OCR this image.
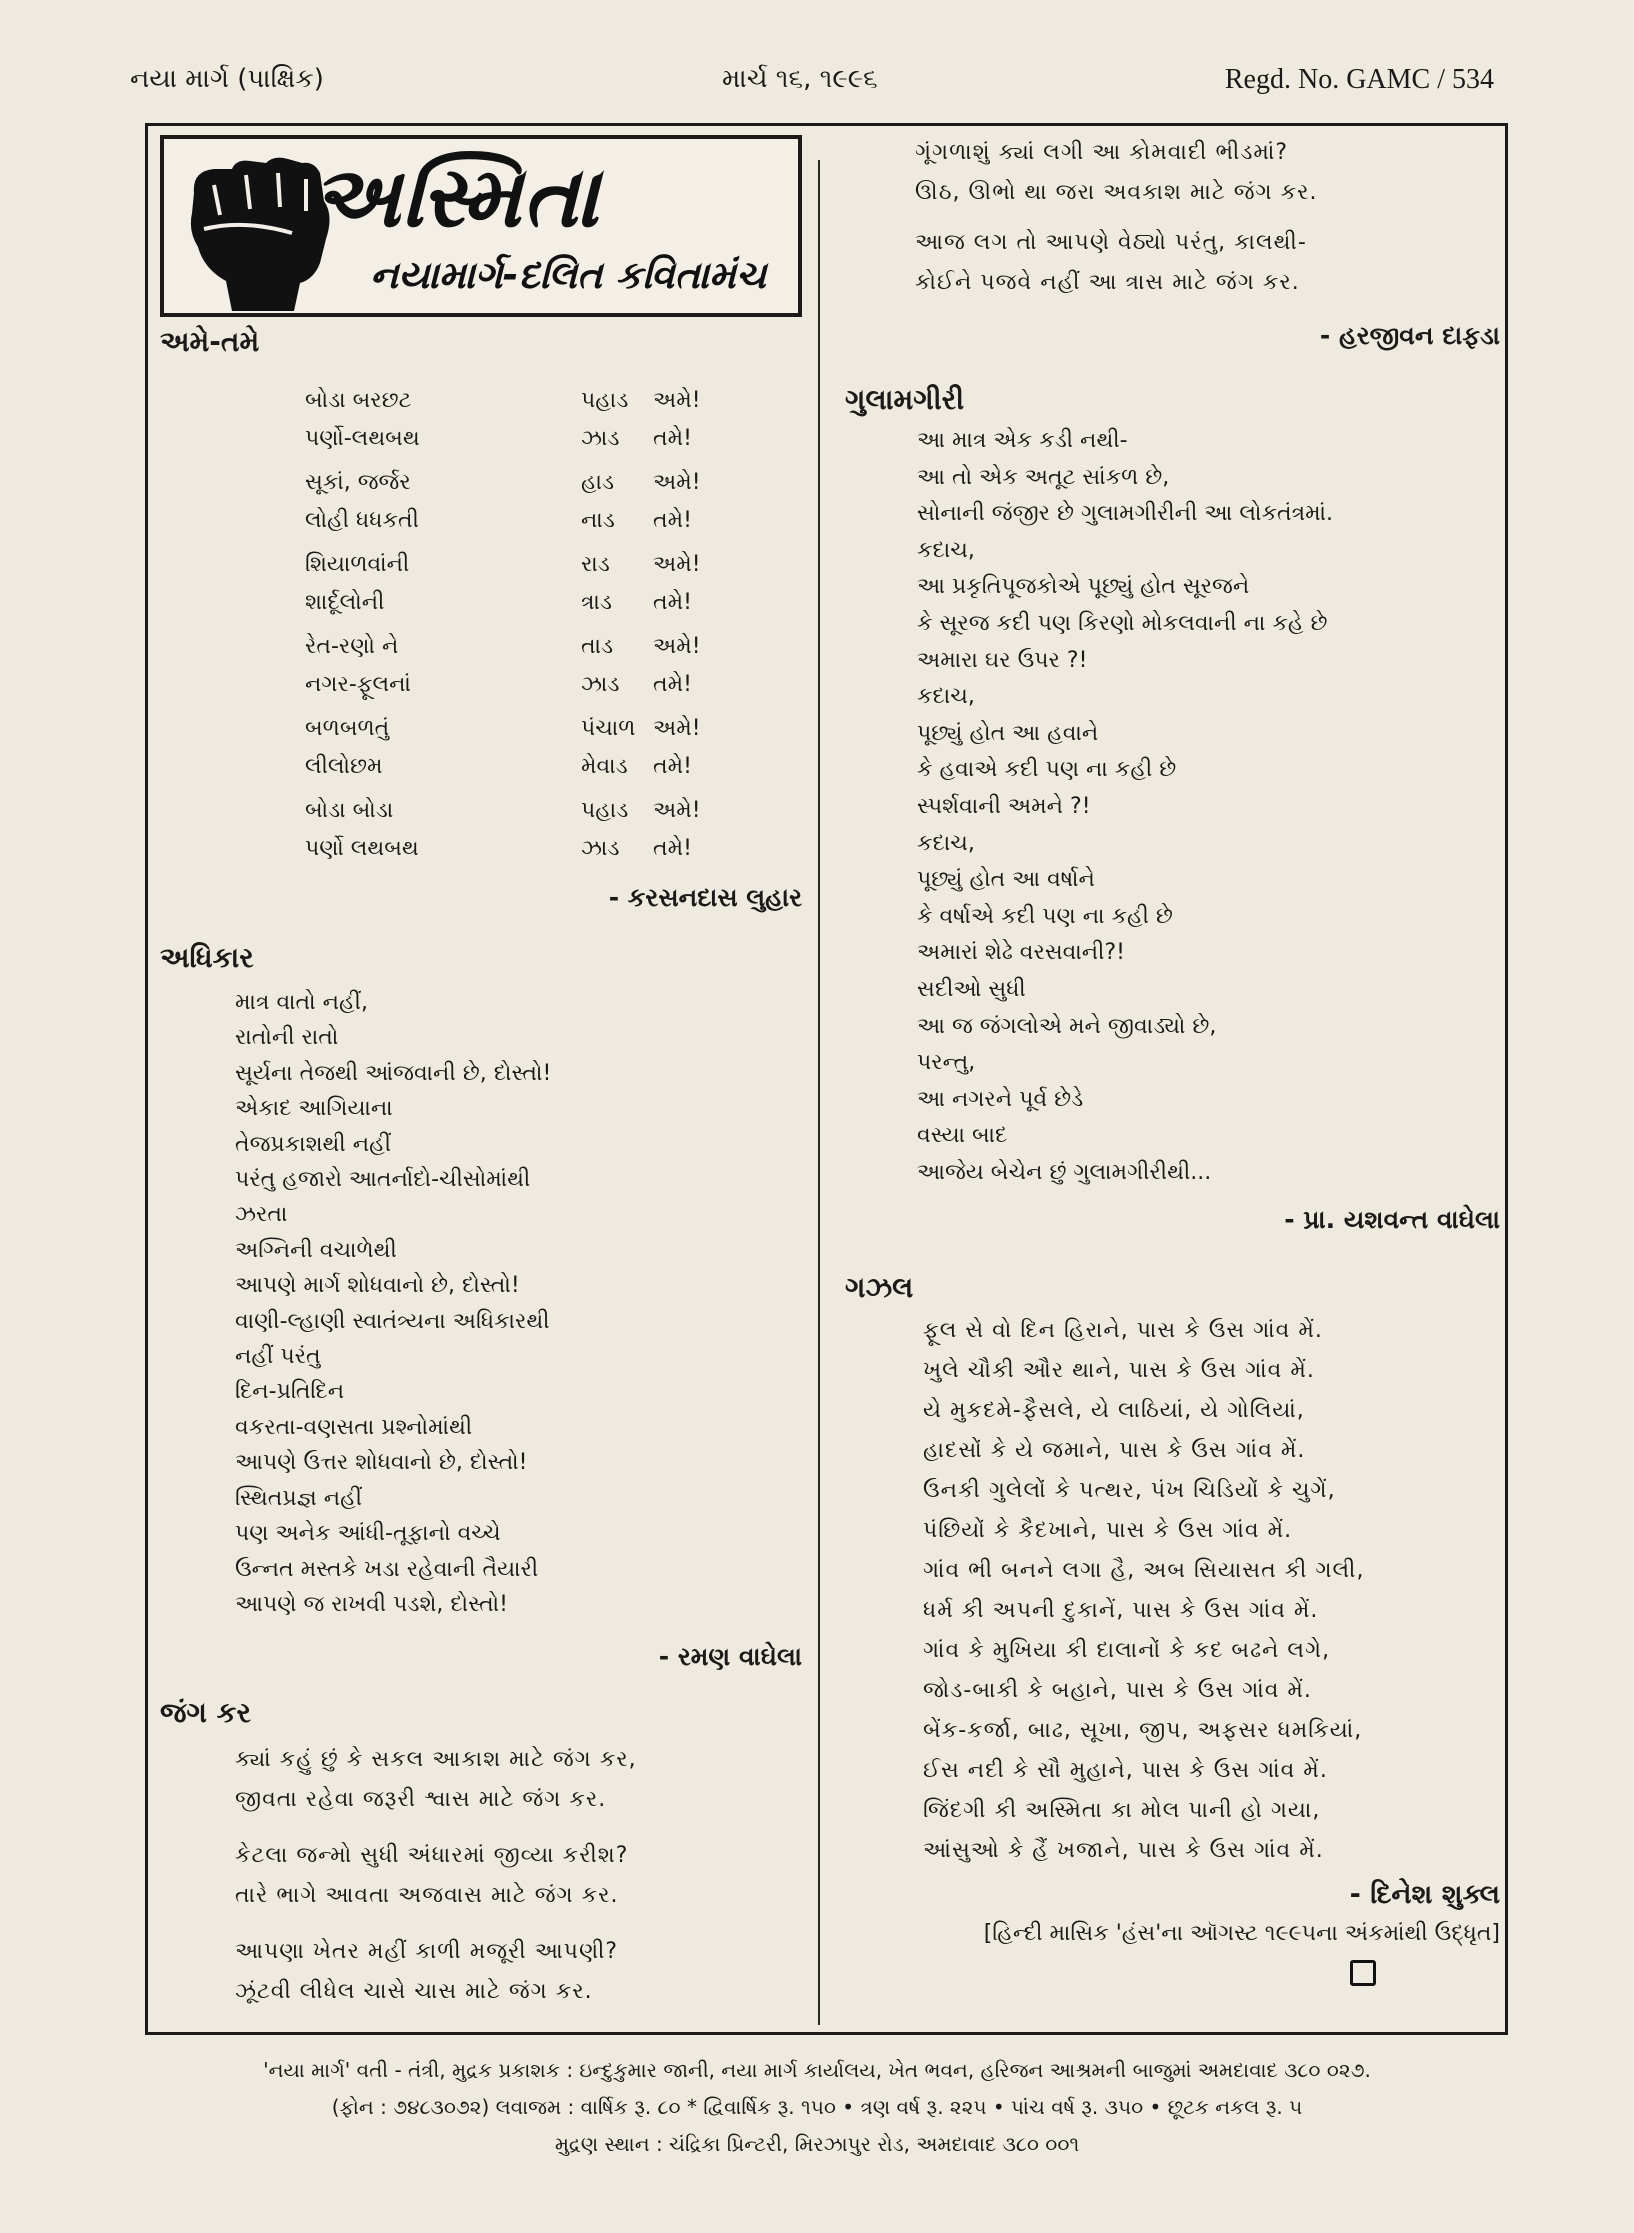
નયા માર્ગ (પાક્ષિક)	માર્ચ ૧૬, ૧૯૯૬	Regd. No. GAMC / 534
અસ્મિતા
નયામાર્ગ-દલિત કવિતામંચ
અમે-તમે
બોડા બરછટ	પહાડ	અમે!
પર્ણો-લથબથ	ઝાડ	તમે!
સૂકાં, જર્જર	હાડ	અમે!
લોહી ધધકતી	નાડ	તમે!
શિયાળવાંની	રાડ	અમે!
શાર્દૂલોની	ત્રાડ	તમે!
રેત-રણો ને	તાડ	અમે!
નગર-ફૂલનાં	ઝાડ	તમે!
બળબળતું	પંચાળ અમે!
લીલોછમ	મેવાડ	તમે!
બોડા બોડા	પહાડ	અમે!
પર્ણો લથબથ	ઝાડ	તમે!
- કરસનદાસ લુહાર
અધિકાર
માત્ર વાતો નહીં,
રાતોની રાતો
સૂર્યના તેજથી આંજવાની છે, દોસ્તો!
એકાદ આગિયાના
તેજપ્રકાશથી નહીં
પરંતુ હજારો આતર્નાદો-ચીસોમાંથી
ઝરતા
અગ્નિની વચાળેથી
આપણે માર્ગ શોધવાનો છે, દોસ્તો!
વાણી-લ્હાણી સ્વાતંત્ર્યના અધિકારથી
નહીં પરંતુ
દિન-પ્રતિદિન
વકરતા-વણસતા પ્રશ્નોમાંથી
આપણે ઉત્તર શોધવાનો છે, દોસ્તો!
સ્થિતપ્રજ્ઞ નહીં
પણ અનેક આંધી-તૂફાનો વચ્ચે
ઉન્નત મસ્તકે ખડા રહેવાની તૈયારી
આપણે જ રાખવી પડશે, દોસ્તો!
- રમણ વાઘેલા
જંગ કર
ક્યાં કહું છું કે સકલ આકાશ માટે જંગ કર,
જીવતા રહેવા જરૂરી શ્વાસ માટે જંગ કર.
કેટલા જન્મો સુધી અંધારમાં જીવ્યા કરીશ?
તારે ભાગે આવતા અજવાસ માટે જંગ કર.
આપણા ખેતર મહીં કાળી મજૂરી આપણી?
ઝૂંટવી લીધેલ ચાસે ચાસ માટે જંગ કર.
ગૂંગળાશું ક્યાં લગી આ કોમવાદી ભીડમાં?
ઊઠ, ઊભો થા જરા અવકાશ માટે જંગ કર.
આજ લગ તો આપણે વેઠ્યો પરંતુ, કાલથી-
કોઈને પજવે નહીં આ ત્રાસ માટે જંગ કર.
- હરજીવન દાફડા
ગુલામગીરી
આ માત્ર એક કડી નથી-
આ તો એક અતૂટ સાંકળ છે,
સોનાની જંજીર છે ગુલામગીરીની આ લોકતંત્રમાં.
કદાચ,
આ પ્રકૃતિપૂજકોએ પૂછ્યું હોત સૂરજને
કે સૂરજ કદી પણ કિરણો મોકલવાની ના કહે છે
અમારા ઘર ઉપર ?!
કદાચ,
પૂછ્યું હોત આ હવાને
કે હવાએ કદી પણ ના કહી છે
સ્પર્શવાની અમને ?!
કદાચ,
પૂછ્યું હોત આ વર્ષાને
કે વર્ષાએ કદી પણ ના કહી છે
અમારાં શેઢે વરસવાની?!
સદીઓ સુધી
આ જ જંગલોએ મને જીવાડ્યો છે,
પરન્તુ,
આ નગરને પૂર્વ છેડે
વસ્યા બાદ
આજેય બેચેન છું ગુલામગીરીથી...
- પ્રા. યશવન્ત વાઘેલા
ગઝલ
ફૂલ સે વો દિન હિરાને, પાસ કે ઉસ ગાંવ મેં.
ખુલે ચૌકી ઔર થાને, પાસ કે ઉસ ગાંવ મેં.
યે મુકદમે-ફૈસલે, યે લાઠિયાં, યે ગોલિયાં,
હાદસોં કે યે જમાને, પાસ કે ઉસ ગાંવ મેં.
ઉનકી ગુલેલોં કે પત્થર, પંખ ચિડિયોં કે ચુગેં,
પંછિયોં કે કૈદખાને, પાસ કે ઉસ ગાંવ મેં.
ગાંવ ભી બનને લગા હૈ, અબ સિયાસત કી ગલી,
ધર્મ કી અપની દુકાનેં, પાસ કે ઉસ ગાંવ મેં.
ગાંવ કે મુખિયા કી દાલાનોં કે કદ બઢને લગે,
જોડ-બાકી કે બહાને, પાસ કે ઉસ ગાંવ મેં.
બેંક-કર્જા, બાઢ, સૂખા, જીપ, અફસર ધમકિયાં,
ઈસ નદી કે સૌ મુહાને, પાસ કે ઉસ ગાંવ મેં.
જિંદગી કી અસ્મિતા કા મોલ પાની હો ગયા,
આંસુઓ કે હૈં ખજાને, પાસ કે ઉસ ગાંવ મેં.
- દિનેશ શુક્લ
[હિન્દી માસિક 'હંસ'ના ઑગસ્ટ ૧૯૯૫ના અંકમાંથી ઉદ્ધૃત]
'નયા માર્ગ' વતી - તંત્રી, મુદ્રક પ્રકાશક : ઇન્દુકુમાર જાની, નયા માર્ગ કાર્યાલય, ખેત ભવન, હરિજન આશ્રમની બાજુમાં અમદાવાદ ૩૮૦ ૦૨૭.
(ફોન : ૭૪૮૩૦૭૨) લવાજમ : વાર્ષિક રૂ. ૮૦ * દ્વિવાર્ષિક રૂ. ૧૫૦ • ત્રણ વર્ષ રૂ. ૨૨૫ • પાંચ વર્ષ રૂ. ૩૫૦ • છૂટક નકલ રૂ. ૫
મુદ્રણ સ્થાન : ચંદ્રિકા પ્રિન્ટરી, મિરઝાપુર રોડ, અમદાવાદ ૩૮૦ ૦૦૧
